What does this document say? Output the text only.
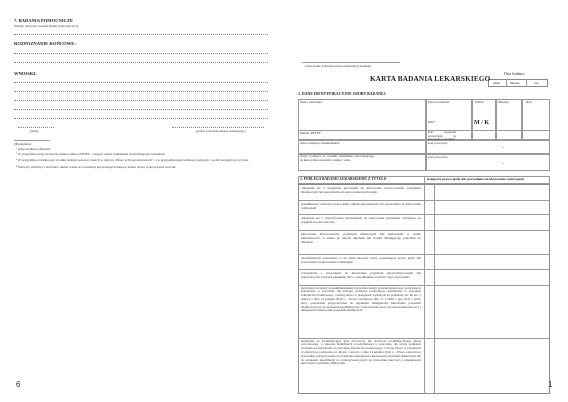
7. BADANIA POMOCNICZE
Należy dołączyć wyniki badań pomocniczych
ROZPOZNANIE KOŃCOWE:
WNIOSKI:
(data)	(podpis i pieczątka lekarza orzekającego)
Objaśnienia:
¹ Odpowiednie podkreślić.
² W przypadku osoby, której nie nadano numeru PESEL – nazwę i numer dokumentu stwierdzającego tożsamość.
³ W przypadku prawidłowego wyniku badania postawić znak X w rubryce „Brak cechy patologicznych”, a w przypadku nieprawidłowej patologii – podać szczegółowy jej opis.
⁴ Pierwszy właściwy i nazwisko, numer wpisu do rewidencji uprawnionych lekarzy, numer prawa wykonywania zawodu.
6
(oznaczenie jednostki przeprowadzającej badanie)
Data badania:
dzień	miesiąc	rok
KARTA BADANIA LEKARSKIEGO
1. DANE IDENTYFIKACYJNE OSOBY BADANEJ
Imię i nazwisko	Data urodzenia	Dzień	Miesiąc	Rok
Płeć¹	M / K
Numer PESEL²	Rok uzyskania uprawnienia do kierowania pojazdami
Adres miejsca zamieszkania	kod pocztowy
–
Organ wydający do wydania dokumentu uprawniającego do kierowania pojazdami i numer i adres
kod pocztowy
–
2. PODLEGA BADANIU LEKARSKIEMU Z TYTUŁU¹	kategoria prawa jazdy lub pozwolenie na kierowanie tramwajem
obiegania się o uzyskanie uprawnień do kierowania motorowerem, pojazdami silnikowymi lub uprawnienia do kierowania tramwajem
przedłużenie ważności prawa jazdy określonej kategorii lub pozwolenia na kierowanie tramwajem
obiegania się o przywrócenie uprawnienia do kierowania pojazdami cofniętego ze względu na stan zdrowia
kierowania motorowerem, pojazdem silnikowym lub tramwajem w stanie nietrzeźwości, w stanie po użyciu alkoholu lub środka działającego podobnie do alkoholu
uzasadnionych zastrzeżeń co do stanu zdrowia osoby posiadającej prawo jazdy lub pozwolenie na kierowanie tramwajem
wystąpienia o zezwolenie na kierowanie pojazdem uprzywilejowanym lub przewożącym wartości pieniężne albo o przedłużenie ważności tego zezwolenia
kandydata do szkoły ponadgimnazjalnej lub ucznia szkoły ponadpodstawowej, prowadzącej kształcenie w zawodzie, dla którego podstawa programowa kształcenia w zawodzie szkolnictwa branżowego, o której mowa w przepisach wydanych na podstawie art. 46 ust. 1 ustawy z dnia 14 grudnia 2016 r. – Prawo oświatowe (Dz. U. z 2020 r. poz. 910, z późn. zm.), przewiduje przygotowanie do uzyskania umiejętności kierowania pojazdem silnikowym lub do uzyskania kwalifikacji do wykonywania pracy na stanowisku kierowcy i umiejętności kierowania pojazdem silnikowym
kandydata na kwalifikacyjny kurs zawodowy lub słuchacza kwalifikacyjnego kursu zawodowego, w zakresie kwalifikacji wyodrębnionej w zawodzie, dla której podstawa programowa kształcenia w zawodzie szkolnictwa branżowego, o której mowa w przepisach wydanych na podstawie art. 46 ust. 1 ustawy z dnia 14 grudnia 2016 r. – Prawo oświatowe, przewiduje przygotowanie do uzyskania umiejętności kierowania pojazdem silnikowym lub do uzyskania kwalifikacji do wykonywania pracy na stanowisku kierowcy i umiejętności kierowania pojazdem silnikowym
1
